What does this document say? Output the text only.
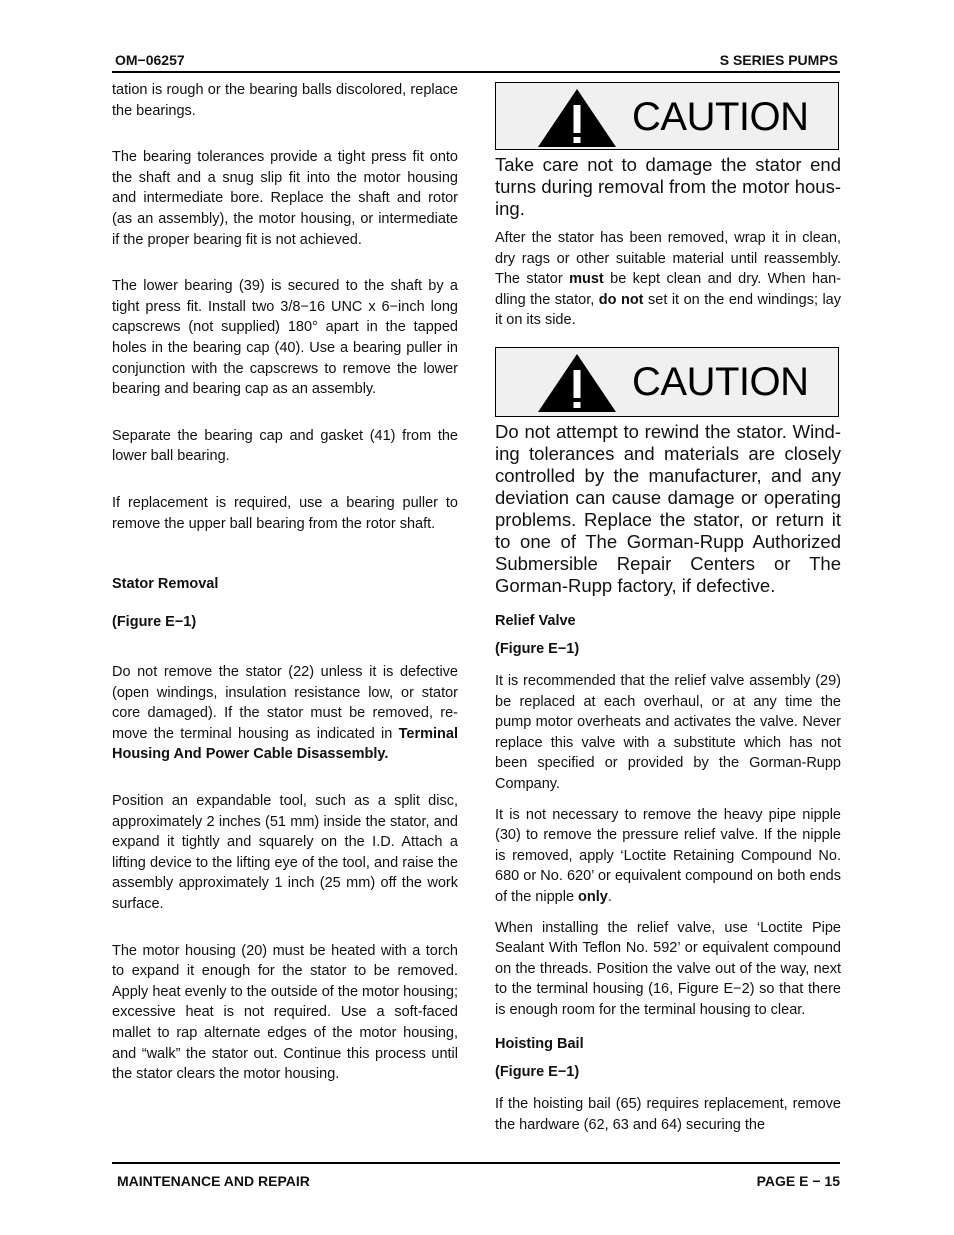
OM−06257	S SERIES PUMPS

tation is rough or the bearing balls discolored, replace the bearings.

The bearing tolerances provide a tight press fit onto the shaft and a snug slip fit into the motor housing and intermediate bore. Replace the shaft and rotor (as an assembly), the motor housing, or intermediate if the proper bearing fit is not achieved.

The lower bearing (39) is secured to the shaft by a tight press fit. Install two 3/8−16 UNC x 6−inch long capscrews (not supplied) 180° apart in the tapped holes in the bearing cap (40). Use a bearing puller in conjunction with the capscrews to remove the lower bearing and bearing cap as an assembly.

Separate the bearing cap and gasket (41) from the lower ball bearing.

If replacement is required, use a bearing puller to remove the upper ball bearing from the rotor shaft.

Stator Removal
(Figure E−1)

Do not remove the stator (22) unless it is defective (open windings, insulation resistance low, or stator core damaged). If the stator must be removed, remove the terminal housing as indicated in Terminal Housing And Power Cable Disassembly.

Position an expandable tool, such as a split disc, approximately 2 inches (51 mm) inside the stator, and expand it tightly and squarely on the I.D. Attach a lifting device to the lifting eye of the tool, and raise the assembly approximately 1 inch (25 mm) off the work surface.

The motor housing (20) must be heated with a torch to expand it enough for the stator to be removed. Apply heat evenly to the outside of the motor housing; excessive heat is not required. Use a soft-faced mallet to rap alternate edges of the motor housing, and “walk” the stator out. Continue this process until the stator clears the motor housing.

CAUTION

Take care not to damage the stator end turns during removal from the motor housing.

After the stator has been removed, wrap it in clean, dry rags or other suitable material until reassembly. The stator must be kept clean and dry. When handling the stator, do not set it on the end windings; lay it on its side.

CAUTION

Do not attempt to rewind the stator. Winding tolerances and materials are closely controlled by the manufacturer, and any deviation can cause damage or operating problems. Replace the stator, or return it to one of The Gorman-Rupp Authorized Submersible Repair Centers or The Gorman-Rupp factory, if defective.

Relief Valve
(Figure E−1)

It is recommended that the relief valve assembly (29) be replaced at each overhaul, or at any time the pump motor overheats and activates the valve. Never replace this valve with a substitute which has not been specified or provided by the Gorman-Rupp Company.

It is not necessary to remove the heavy pipe nipple (30) to remove the pressure relief valve. If the nipple is removed, apply ‘Loctite Retaining Compound No. 680 or No. 620’ or equivalent compound on both ends of the nipple only.

When installing the relief valve, use ‘Loctite Pipe Sealant With Teflon No. 592’ or equivalent compound on the threads. Position the valve out of the way, next to the terminal housing (16, Figure E−2) so that there is enough room for the terminal housing to clear.

Hoisting Bail
(Figure E−1)

If the hoisting bail (65) requires replacement, remove the hardware (62, 63 and 64) securing the

MAINTENANCE AND REPAIR	PAGE E − 15
